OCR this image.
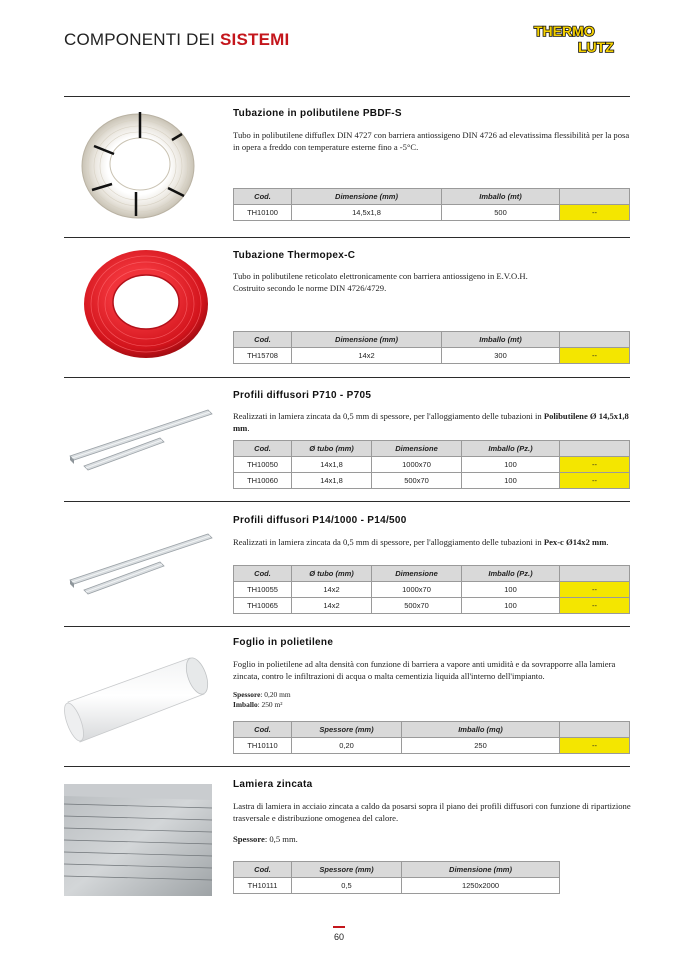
COMPONENTI DEI SISTEMI	THERMO
LUTZ
Tubazione in polibutilene PBDF-S
Tubo in polibutilene diffuflex DIN 4727 con barriera antiossigeno DIN 4726 ad elevatissima flessibilità per la posa in opera a freddo con temperature esterne fino a -5°C.
Cod.	Dimensione (mm)	Imballo (mt)	
TH10100	14,5x1,8	500	--
Tubazione Thermopex-C
Tubo in polibutilene reticolato elettronicamente con barriera antiossigeno in E.V.O.H.
Costruito secondo le norme DIN 4726/4729.
Cod.	Dimensione (mm)	Imballo (mt)	
TH15708	14x2	300	--
Profili diffusori P710 - P705
Realizzati in lamiera zincata da 0,5 mm di spessore, per l'alloggiamento delle tubazioni in Polibutilene Ø 14,5x1,8 mm.
Cod.	Ø tubo (mm)	Dimensione	Imballo (Pz.)	
TH10050	14x1,8	1000x70	100	--
TH10060	14x1,8	500x70	100	--
Profili diffusori P14/1000 - P14/500
Realizzati in lamiera zincata da 0,5 mm di spessore, per l'alloggiamento delle tubazioni in Pex-c Ø14x2 mm.
Cod.	Ø tubo (mm)	Dimensione	Imballo (Pz.)	
TH10055	14x2	1000x70	100	--
TH10065	14x2	500x70	100	--
Foglio in polietilene
Foglio in polietilene ad alta densità con funzione di barriera a vapore anti umidità e da sovrapporre alla lamiera zincata, contro le infiltrazioni di acqua o malta cementizia liquida all'interno dell'impianto.
Spessore: 0,20 mm
Imballo: 250 m²
Cod.	Spessore (mm)	Imballo (mq)	
TH10110	0,20	250	--
Lamiera zincata
Lastra di lamiera in acciaio zincata a caldo da posarsi sopra il piano dei profili diffusori con funzione di ripartizione trasversale e distribuzione omogenea del calore.
Spessore: 0,5 mm.
Cod.	Spessore (mm)	Dimensione (mm)
TH10111	0,5	1250x2000
60
